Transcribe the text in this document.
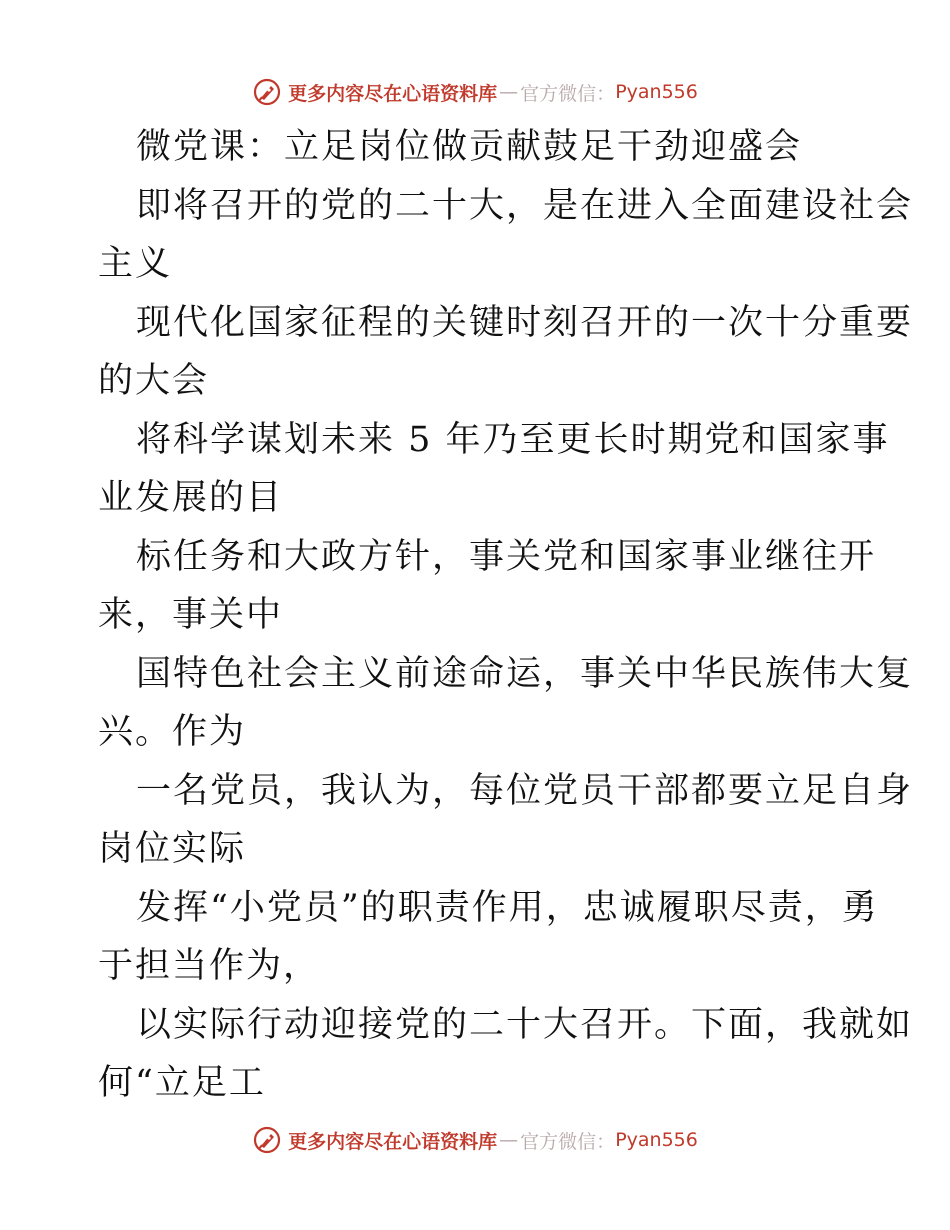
更多内容尽在心语资料库 — 官方微信： Pyan556
微党课：立足岗位做贡献鼓足干劲迎盛会
即将召开的党的二十大，是在进入全面建设社会
主义
现代化国家征程的关键时刻召开的一次十分重要
的大会
将科学谋划未来 5 年乃至更长时期党和国家事
业发展的目
标任务和大政方针，事关党和国家事业继往开
来，事关中
国特色社会主义前途命运，事关中华民族伟大复
兴。作为
一名党员，我认为，每位党员干部都要立足自身
岗位实际
发挥“小党员”的职责作用，忠诚履职尽责，勇
于担当作为，
以实际行动迎接党的二十大召开。下面，我就如
何“立足工
更多内容尽在心语资料库 — 官方微信： Pyan556
